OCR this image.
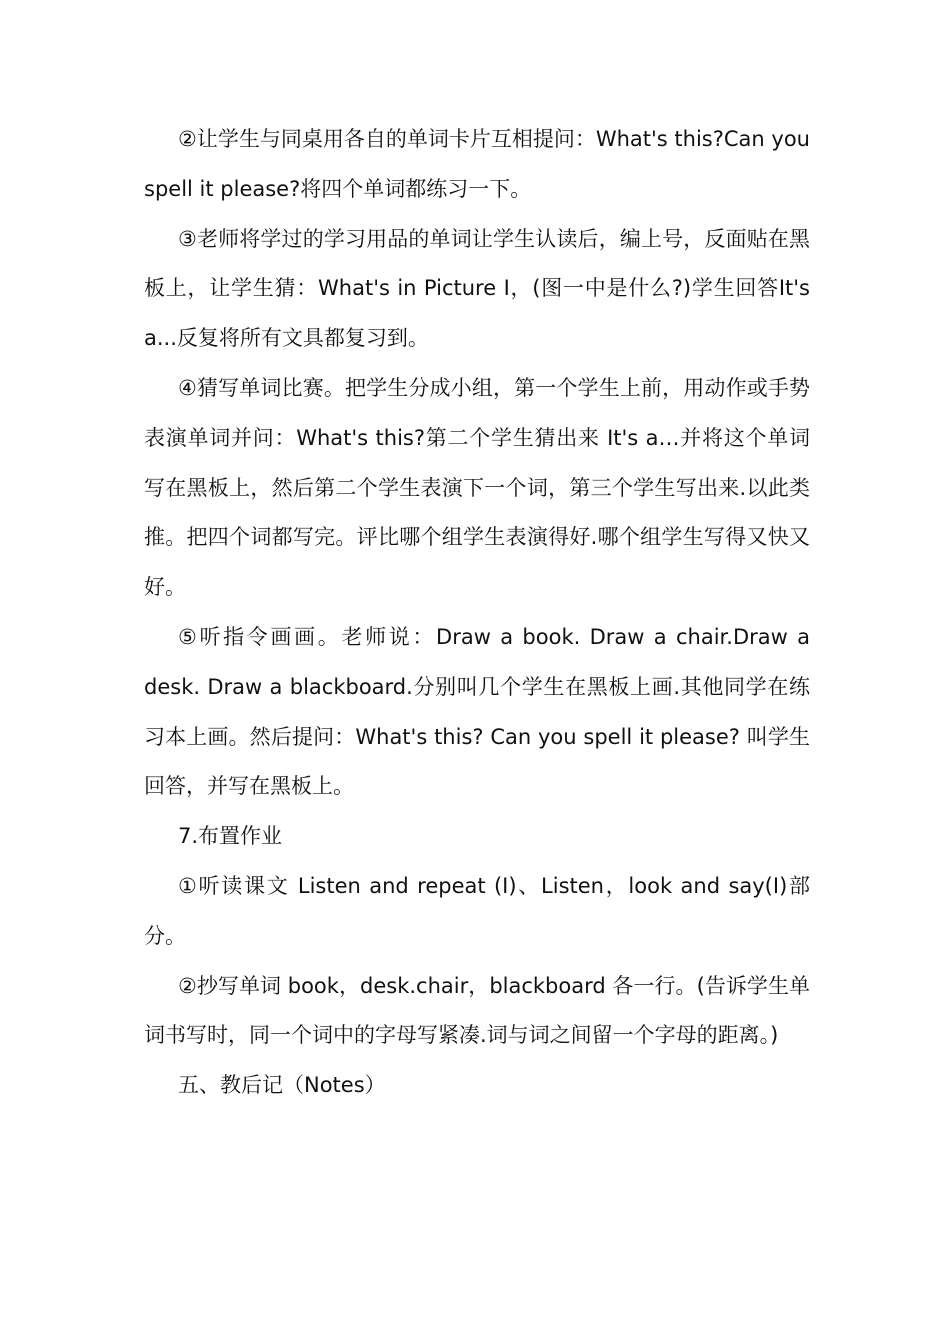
②让学生与同桌用各自的单词卡片互相提问：What's this?Can you spell it please?将四个单词都练习一下。

③老师将学过的学习用品的单词让学生认读后，编上号，反面贴在黑板上，让学生猜：What's in Picture I，(图一中是什么?)学生回答It's a...反复将所有文具都复习到。

④猜写单词比赛。把学生分成小组，第一个学生上前，用动作或手势表演单词并问：What's this?第二个学生猜出来 It's a…并将这个单词写在黑板上，然后第二个学生表演下一个词，第三个学生写出来.以此类推。把四个词都写完。评比哪个组学生表演得好.哪个组学生写得又快又好。

⑤听指令画画。老师说：Draw a book. Draw a chair.Draw a desk. Draw a blackboard.分别叫几个学生在黑板上画.其他同学在练习本上画。然后提问：What's this? Can you spell it please? 叫学生回答，并写在黑板上。

7.布置作业

①听读课文 Listen and repeat (I)、Listen，look and say(I)部分。

②抄写单词 book，desk.chair，blackboard 各一行。(告诉学生单词书写时，同一个词中的字母写紧凑.词与词之间留一个字母的距离。)

五、教后记（Notes）
